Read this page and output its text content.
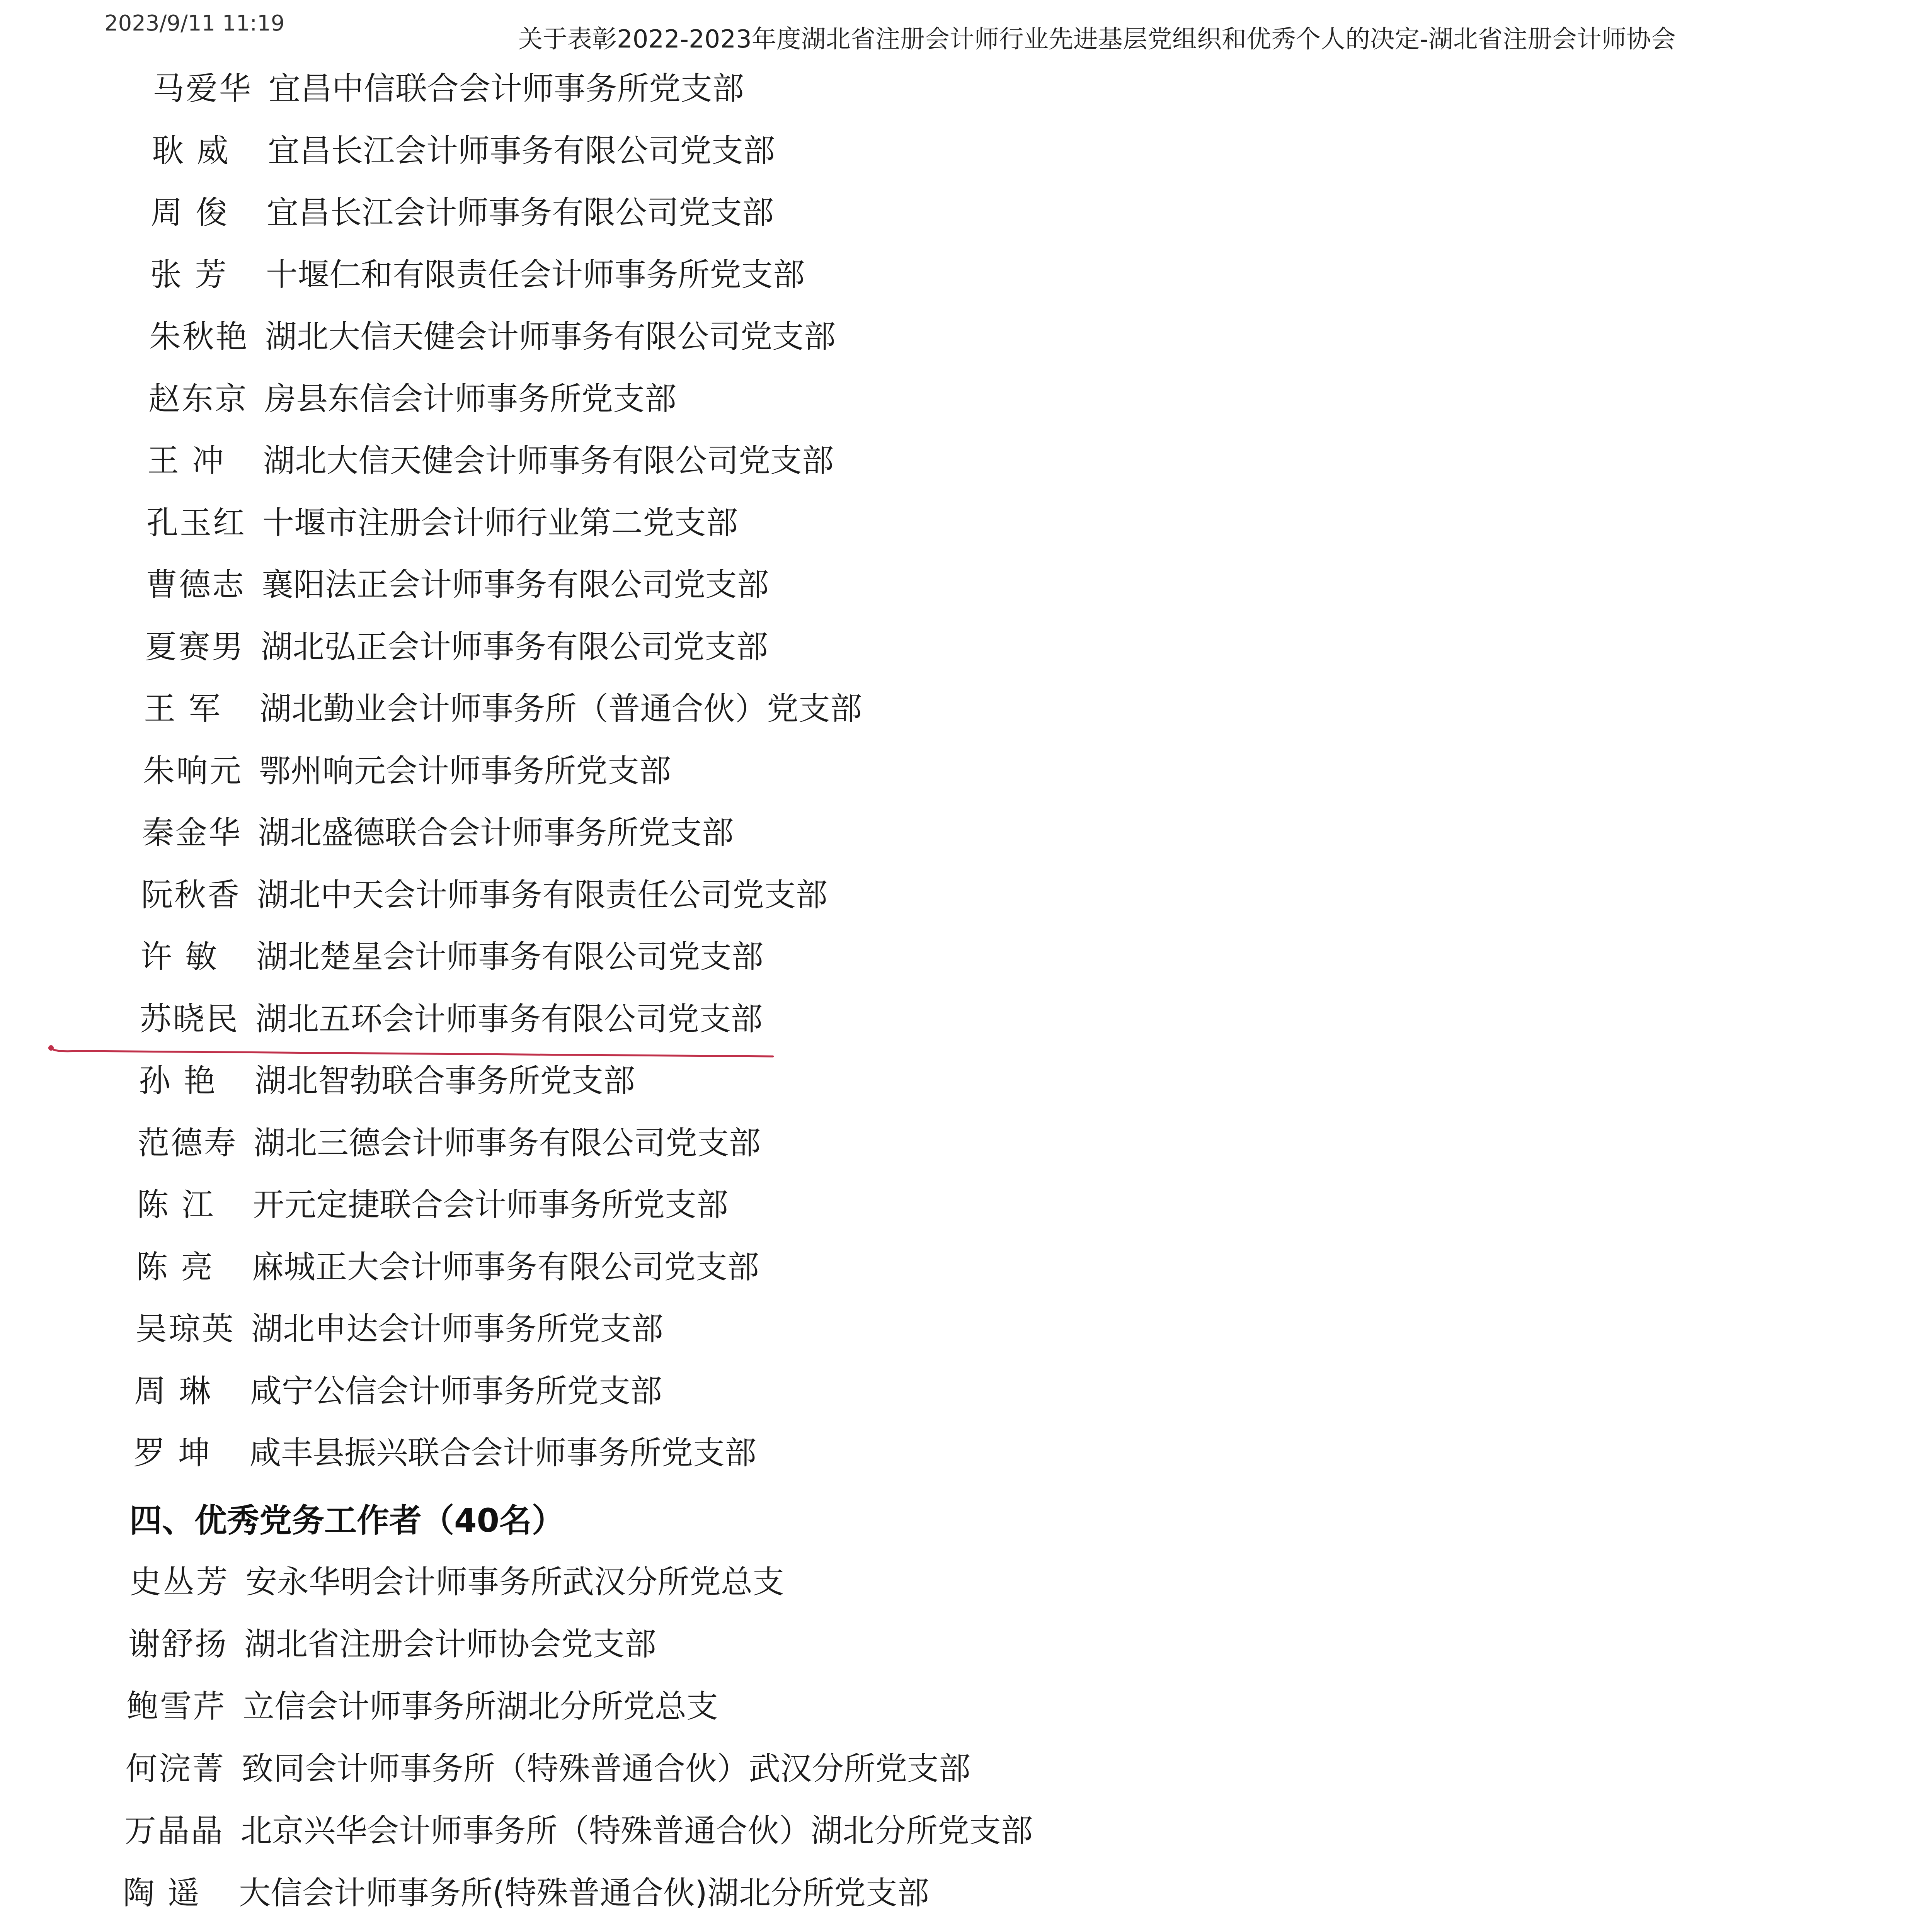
2023/9/11 11:19
关于表彰2022-2023年度湖北省注册会计师行业先进基层党组织和优秀个人的决定-湖北省注册会计师协会
马爱华 宜昌中信联合会计师事务所党支部
耿 威 宜昌长江会计师事务有限公司党支部
周 俊 宜昌长江会计师事务有限公司党支部
张 芳 十堰仁和有限责任会计师事务所党支部
朱秋艳 湖北大信天健会计师事务有限公司党支部
赵东京 房县东信会计师事务所党支部
王 冲 湖北大信天健会计师事务有限公司党支部
孔玉红 十堰市注册会计师行业第二党支部
曹德志 襄阳法正会计师事务有限公司党支部
夏赛男 湖北弘正会计师事务有限公司党支部
王 军 湖北勤业会计师事务所（普通合伙）党支部
朱响元 鄂州响元会计师事务所党支部
秦金华 湖北盛德联合会计师事务所党支部
阮秋香 湖北中天会计师事务有限责任公司党支部
许 敏 湖北楚星会计师事务有限公司党支部
苏晓民 湖北五环会计师事务有限公司党支部
孙 艳 湖北智勃联合事务所党支部
范德寿 湖北三德会计师事务有限公司党支部
陈 江 开元定捷联合会计师事务所党支部
陈 亮 麻城正大会计师事务有限公司党支部
吴琼英 湖北申达会计师事务所党支部
周 琳 咸宁公信会计师事务所党支部
罗 坤 咸丰县振兴联合会计师事务所党支部
四、优秀党务工作者（40名）
史丛芳 安永华明会计师事务所武汉分所党总支
谢舒扬 湖北省注册会计师协会党支部
鲍雪芹 立信会计师事务所湖北分所党总支
何浣菁 致同会计师事务所（特殊普通合伙）武汉分所党支部
万晶晶 北京兴华会计师事务所（特殊普通合伙）湖北分所党支部
陶 遥 大信会计师事务所(特殊普通合伙)湖北分所党支部
